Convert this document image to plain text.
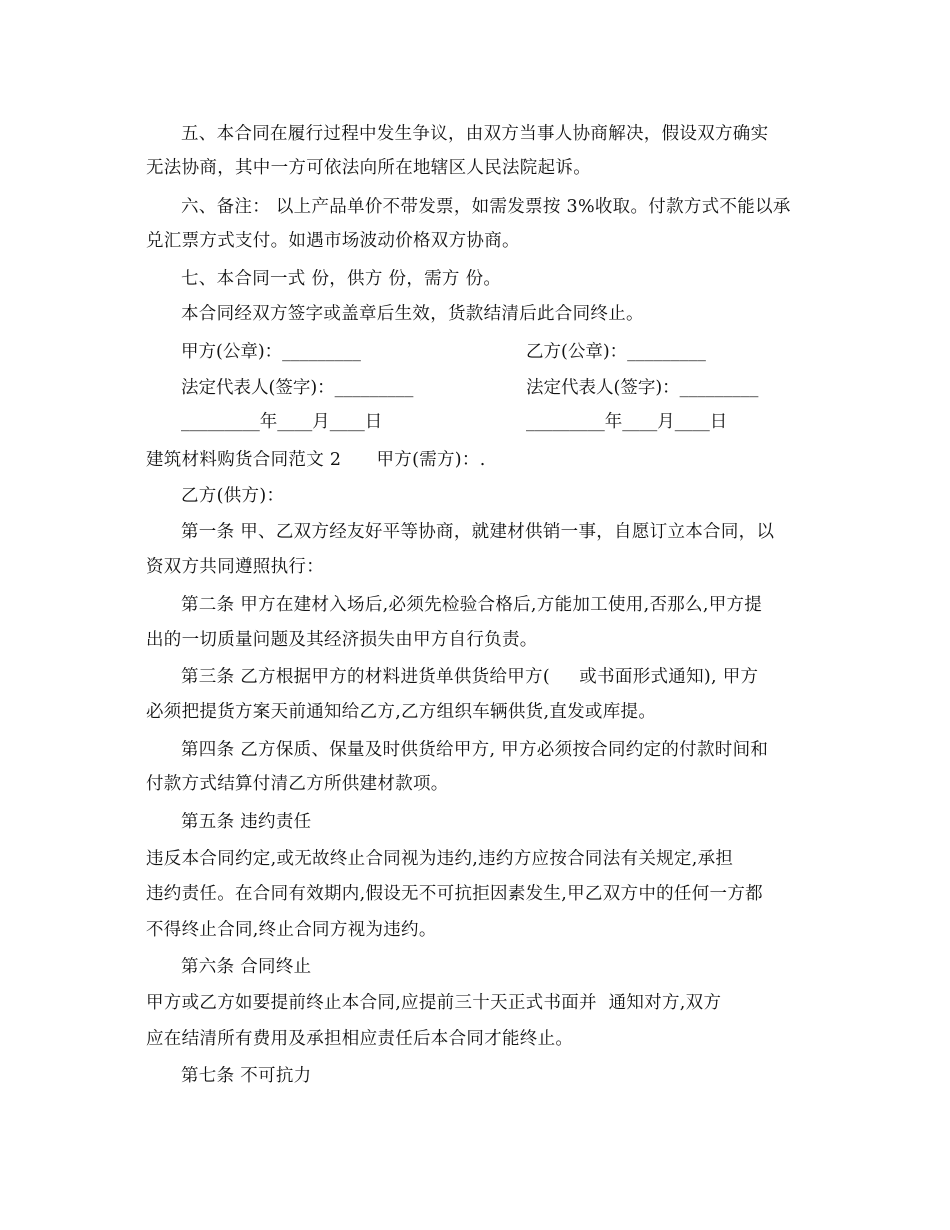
五、本合同在履行过程中发生争议，由双方当事人协商解决，假设双方确实
无法协商，其中一方可依法向所在地辖区人民法院起诉。
六、备注： 以上产品单价不带发票，如需发票按 3%收取。付款方式不能以承
兑汇票方式支付。如遇市场波动价格双方协商。
七、本合同一式 份，供方 份，需方 份。
本合同经双方签字或盖章后生效，货款结清后此合同终止。
甲方(公章)：_________	乙方(公章)：_________
法定代表人(签字)：_________	法定代表人(签字)：_________
_________年____月____日	_________年____月____日
建筑材料购货合同范文 2      甲方(需方)：.
乙方(供方)：
第一条 甲、乙双方经友好平等协商，就建材供销一事，自愿订立本合同，以
资双方共同遵照执行：
第二条 甲方在建材入场后,必须先检验合格后,方能加工使用,否那么,甲方提
出的一切质量问题及其经济损失由甲方自行负责。
第三条 乙方根据甲方的材料进货单供货给甲方(     或书面形式通知), 甲方
必须把提货方案天前通知给乙方,乙方组织车辆供货,直发或库提。
第四条 乙方保质、保量及时供货给甲方, 甲方必须按合同约定的付款时间和
付款方式结算付清乙方所供建材款项。
第五条 违约责任
违反本合同约定,或无故终止合同视为违约,违约方应按合同法有关规定,承担
违约责任。在合同有效期内,假设无不可抗拒因素发生,甲乙双方中的任何一方都
不得终止合同,终止合同方视为违约。
第六条 合同终止
甲方或乙方如要提前终止本合同,应提前三十天正式书面并  通知对方,双方
应在结清所有费用及承担相应责任后本合同才能终止。
第七条 不可抗力
